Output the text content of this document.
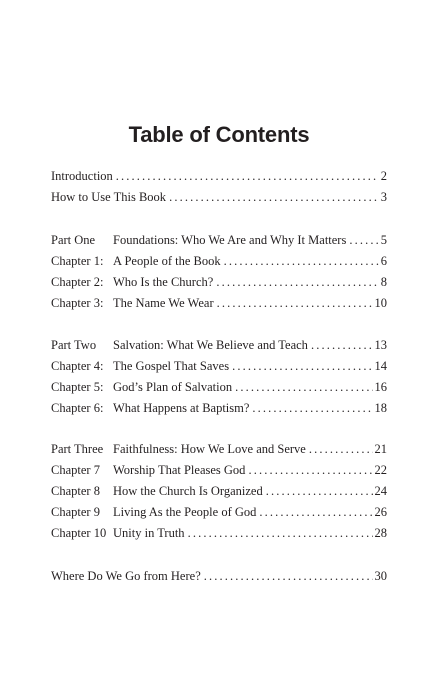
Table of Contents
Introduction . . .	2
How to Use This Book . . .	3
Part One	Foundations: Who We Are and Why It Matters . . .	5
Chapter 1: A People of the Book . . .	6
Chapter 2: Who Is the Church? . . .	8
Chapter 3: The Name We Wear . . .	10
Part Two	Salvation: What We Believe and Teach . . .	13
Chapter 4: The Gospel That Saves . . .	14
Chapter 5: God’s Plan of Salvation . . .	16
Chapter 6: What Happens at Baptism? . . .	18
Part Three Faithfulness: How We Love and Serve . . .	21
Chapter 7	Worship That Pleases God . . .	22
Chapter 8	How the Church Is Organized . . .	24
Chapter 9	Living As the People of God . . .	26
Chapter 10 Unity in Truth . . .	28
Where Do We Go from Here? . . .	30
